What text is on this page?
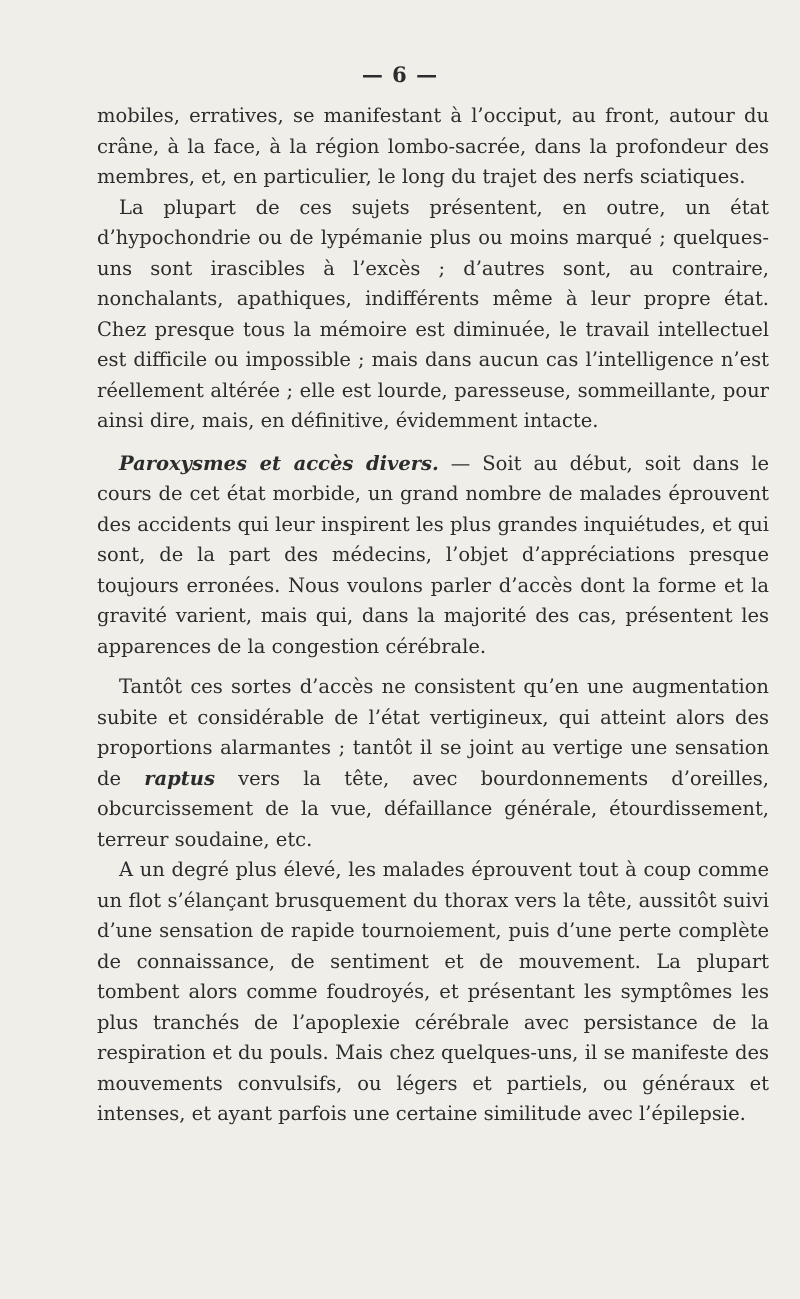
— 6 —

mobiles, erratives, se manifestant à l’occiput, au front, autour du crâne, à la face, à la région lombo-sacrée, dans la profondeur des membres, et, en particulier, le long du trajet des nerfs sciatiques.

La plupart de ces sujets présentent, en outre, un état d’hypochondrie ou de lypémanie plus ou moins marqué ; quelques-uns sont irascibles à l’excès ; d’autres sont, au contraire, nonchalants, apathiques, indifférents même à leur propre état. Chez presque tous la mémoire est diminuée, le travail intellectuel est difficile ou impossible ; mais dans aucun cas l’intelligence n’est réellement altérée ; elle est lourde, paresseuse, sommeillante, pour ainsi dire, mais, en définitive, évidemment intacte.

Paroxysmes et accès divers. — Soit au début, soit dans le cours de cet état morbide, un grand nombre de malades éprouvent des accidents qui leur inspirent les plus grandes inquiétudes, et qui sont, de la part des médecins, l’objet d’appréciations presque toujours erronées. Nous voulons parler d’accès dont la forme et la gravité varient, mais qui, dans la majorité des cas, présentent les apparences de la congestion cérébrale.

Tantôt ces sortes d’accès ne consistent qu’en une augmentation subite et considérable de l’état vertigineux, qui atteint alors des proportions alarmantes ; tantôt il se joint au vertige une sensation de raptus vers la tête, avec bourdonnements d’oreilles, obcurcissement de la vue, défaillance générale, étourdissement, terreur soudaine, etc.

A un degré plus élevé, les malades éprouvent tout à coup comme un flot s’élançant brusquement du thorax vers la tête, aussitôt suivi d’une sensation de rapide tournoiement, puis d’une perte complète de connaissance, de sentiment et de mouvement. La plupart tombent alors comme foudroyés, et présentant les symptômes les plus tranchés de l’apoplexie cérébrale avec persistance de la respiration et du pouls. Mais chez quelques-uns, il se manifeste des mouvements convulsifs, ou légers et partiels, ou généraux et intenses, et ayant parfois une certaine similitude avec l’épilepsie.
